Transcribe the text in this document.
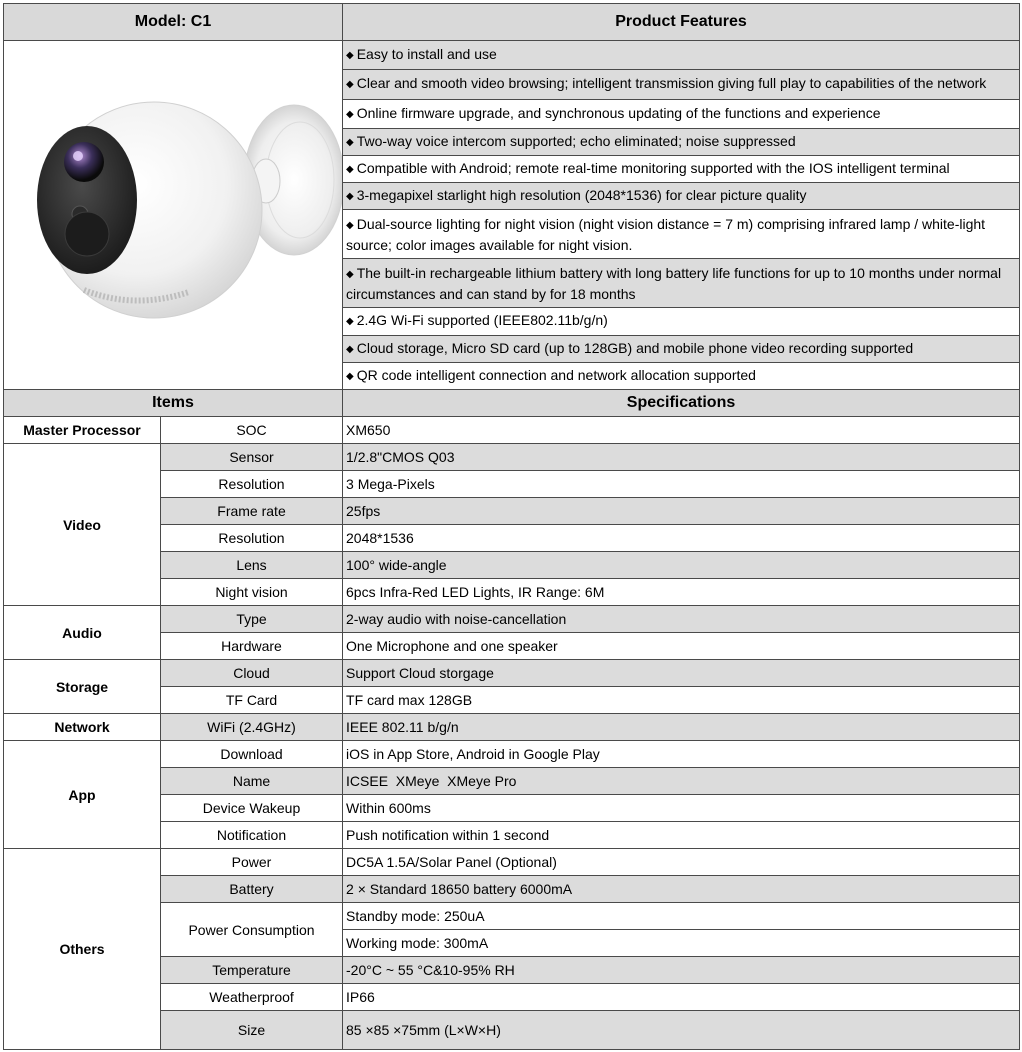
Model: C1		Product Features

	◆ Easy to install and use
		◆ Clear and smooth video browsing; intelligent transmission giving full play to capabilities of the network
		◆ Online firmware upgrade, and synchronous updating of the functions and experience
		◆ Two-way voice intercom supported; echo eliminated; noise suppressed
		◆ Compatible with Android; remote real-time monitoring supported with the IOS intelligent terminal
		◆ 3-megapixel starlight high resolution (2048*1536) for clear picture quality
		◆ Dual-source lighting for night vision (night vision distance = 7 m) comprising infrared lamp / white-light source; color images available for night vision.
		◆ The built-in rechargeable lithium battery with long battery life functions for up to 10 months under normal circumstances and can stand by for 18 months
		◆ 2.4G Wi-Fi supported (IEEE802.11b/g/n)
		◆ Cloud storage, Micro SD card (up to 128GB) and mobile phone video recording supported
		◆ QR code intelligent connection and network allocation supported
Items		Specifications
Master Processor	SOC	XM650
Video	Sensor	1/2.8"CMOS Q03
	Resolution	3 Mega-Pixels
	Frame rate	25fps
	Resolution	2048*1536
	Lens	100° wide-angle
	Night vision	6pcs Infra-Red LED Lights, IR Range: 6M
Audio	Type	2-way audio with noise-cancellation
	Hardware	One Microphone and one speaker
Storage	Cloud	Support Cloud storgage
	TF Card	TF card max 128GB
Network	WiFi (2.4GHz)	IEEE 802.11 b/g/n
App	Download	iOS in App Store, Android in Google Play
	Name	ICSEE  XMeye  XMeye Pro
	Device Wakeup	Within 600ms
	Notification	Push notification within 1 second
Others	Power	DC5A 1.5A/Solar Panel (Optional)
	Battery	2 × Standard 18650 battery 6000mA
	Power Consumption	Standby mode: 250uA
		Working mode: 300mA
	Temperature	-20°C ~ 55 °C&10-95% RH
	Weatherproof	IP66
	Size	85 ×85 ×75mm (L×W×H)
